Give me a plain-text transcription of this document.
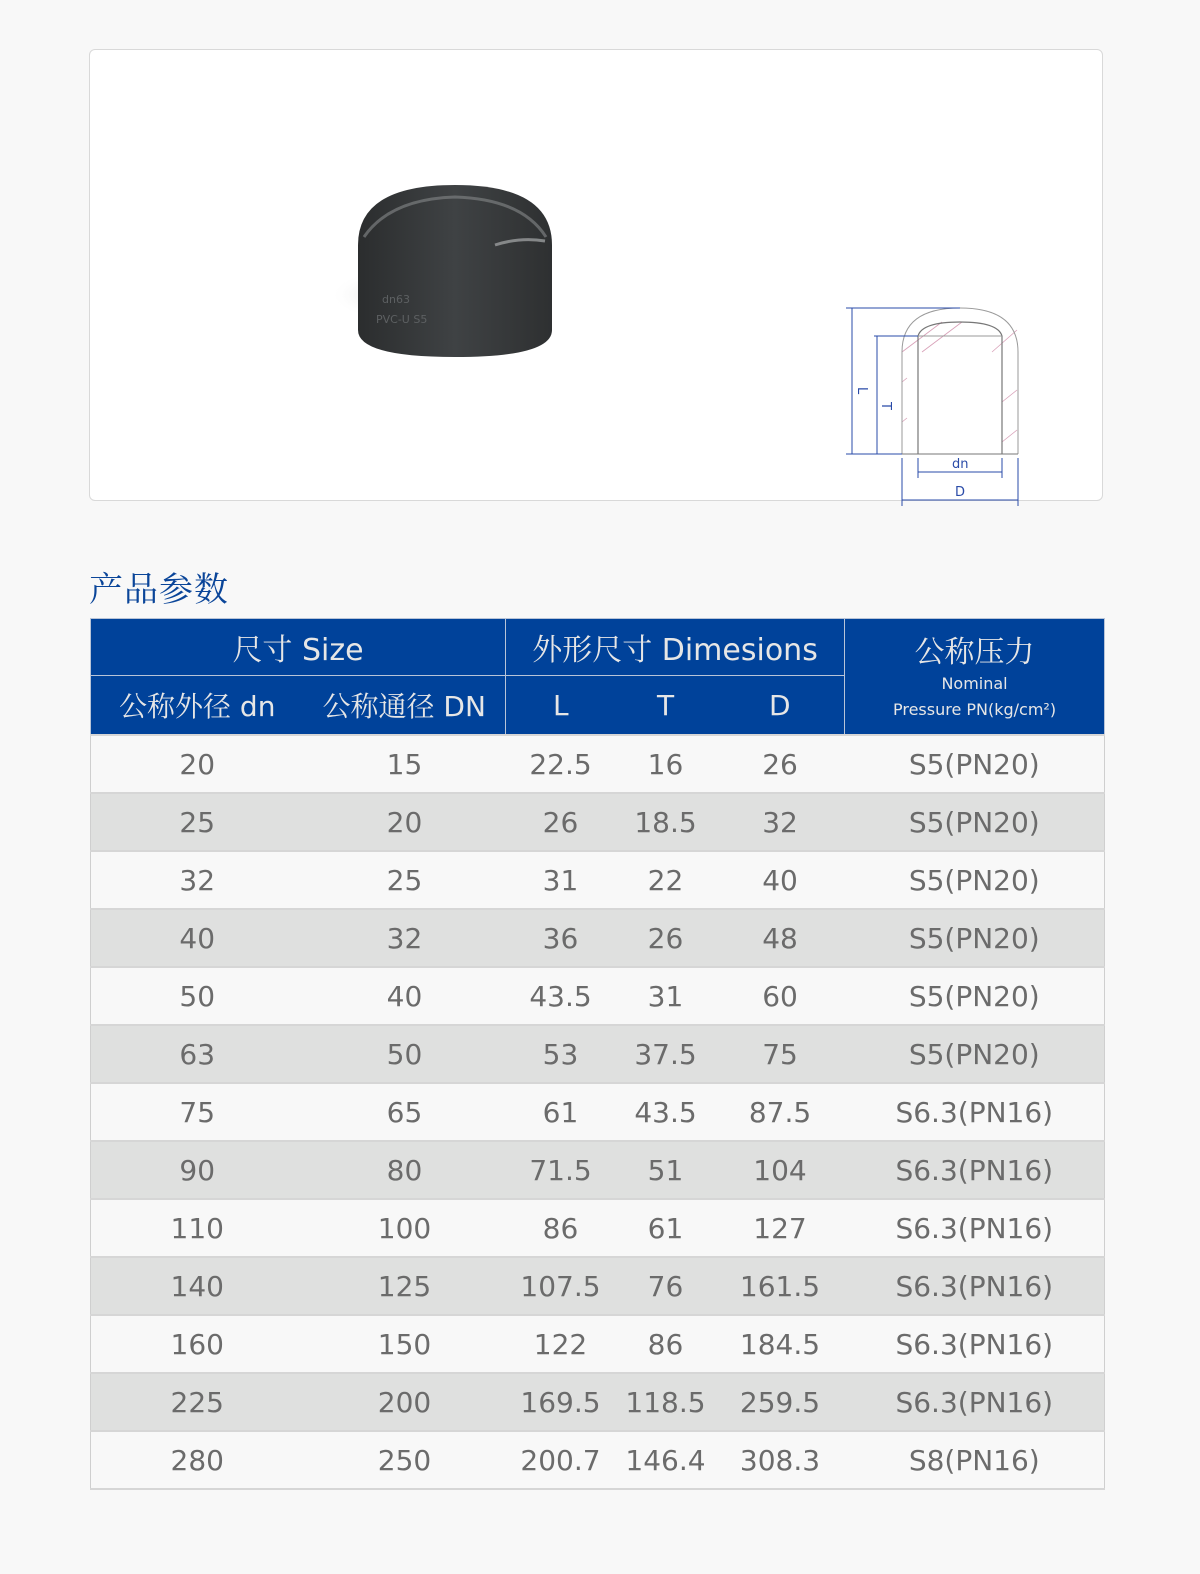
dn63
PVC-U S5
L
T
dn
D
产品参数
尺寸 Size		外形尺寸 Dimesions			公称压力
Nominal
Pressure PN(kg/cm²)

公称外径 dn	公称通径 DN	L	T	D	
20	15	22.5	16	26	S5(PN20)
25	20	26	18.5	32	S5(PN20)
32	25	31	22	40	S5(PN20)
40	32	36	26	48	S5(PN20)
50	40	43.5	31	60	S5(PN20)
63	50	53	37.5	75	S5(PN20)
75	65	61	43.5	87.5	S6.3(PN16)
90	80	71.5	51	104	S6.3(PN16)
110	100	86	61	127	S6.3(PN16)
140	125	107.5	76	161.5	S6.3(PN16)
160	150	122	86	184.5	S6.3(PN16)
225	200	169.5	118.5	259.5	S6.3(PN16)
280	250	200.7	146.4	308.3	S8(PN16)
